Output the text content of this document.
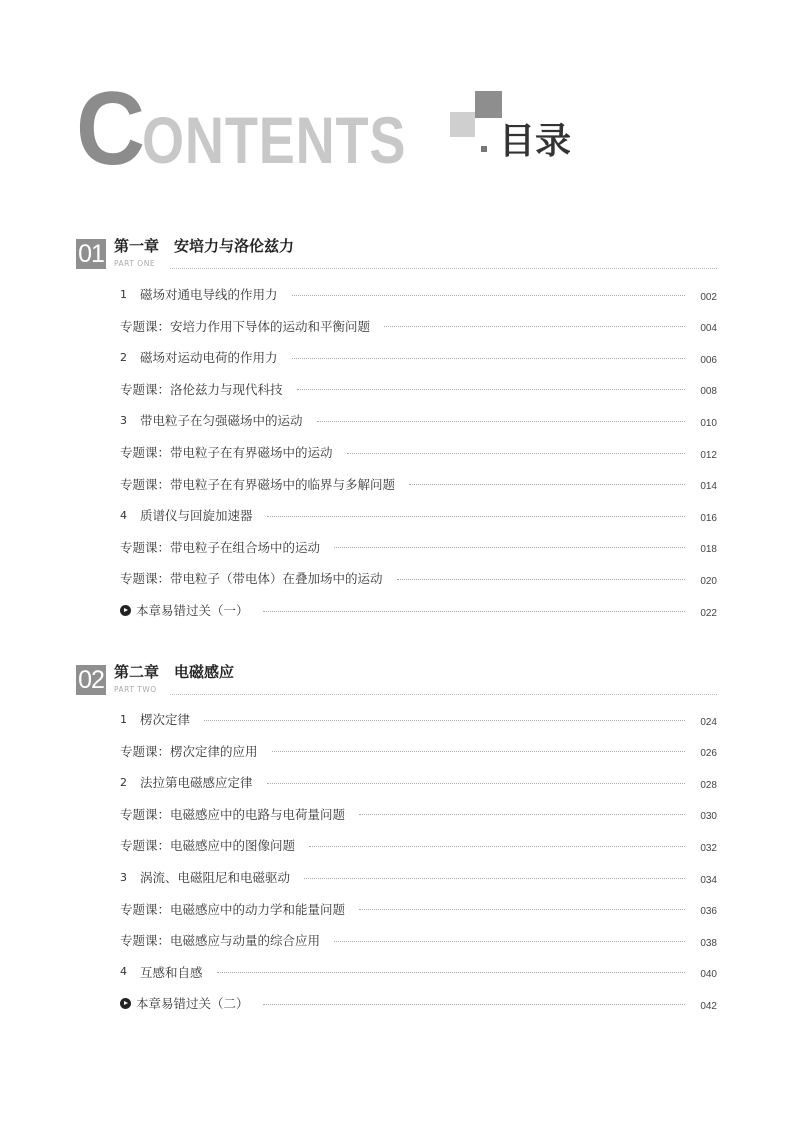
C
ONTENTS	目录
01 第一章　安培力与洛伦兹力
PART ONE
1	磁场对通电导线的作用力	002
专题课：安培力作用下导体的运动和平衡问题	004
2	磁场对运动电荷的作用力	006
专题课：洛伦兹力与现代科技	008
3	带电粒子在匀强磁场中的运动	010
专题课：带电粒子在有界磁场中的运动	012
专题课：带电粒子在有界磁场中的临界与多解问题	014
4	质谱仪与回旋加速器	016
专题课：带电粒子在组合场中的运动	018
专题课：带电粒子（带电体）在叠加场中的运动	020
本章易错过关（一）	022
02 第二章　电磁感应
PART TWO
1	楞次定律	024
专题课：楞次定律的应用	026
2	法拉第电磁感应定律	028
专题课：电磁感应中的电路与电荷量问题	030
专题课：电磁感应中的图像问题	032
3	涡流、电磁阻尼和电磁驱动	034
专题课：电磁感应中的动力学和能量问题	036
专题课：电磁感应与动量的综合应用	038
4	互感和自感	040
本章易错过关（二）	042
